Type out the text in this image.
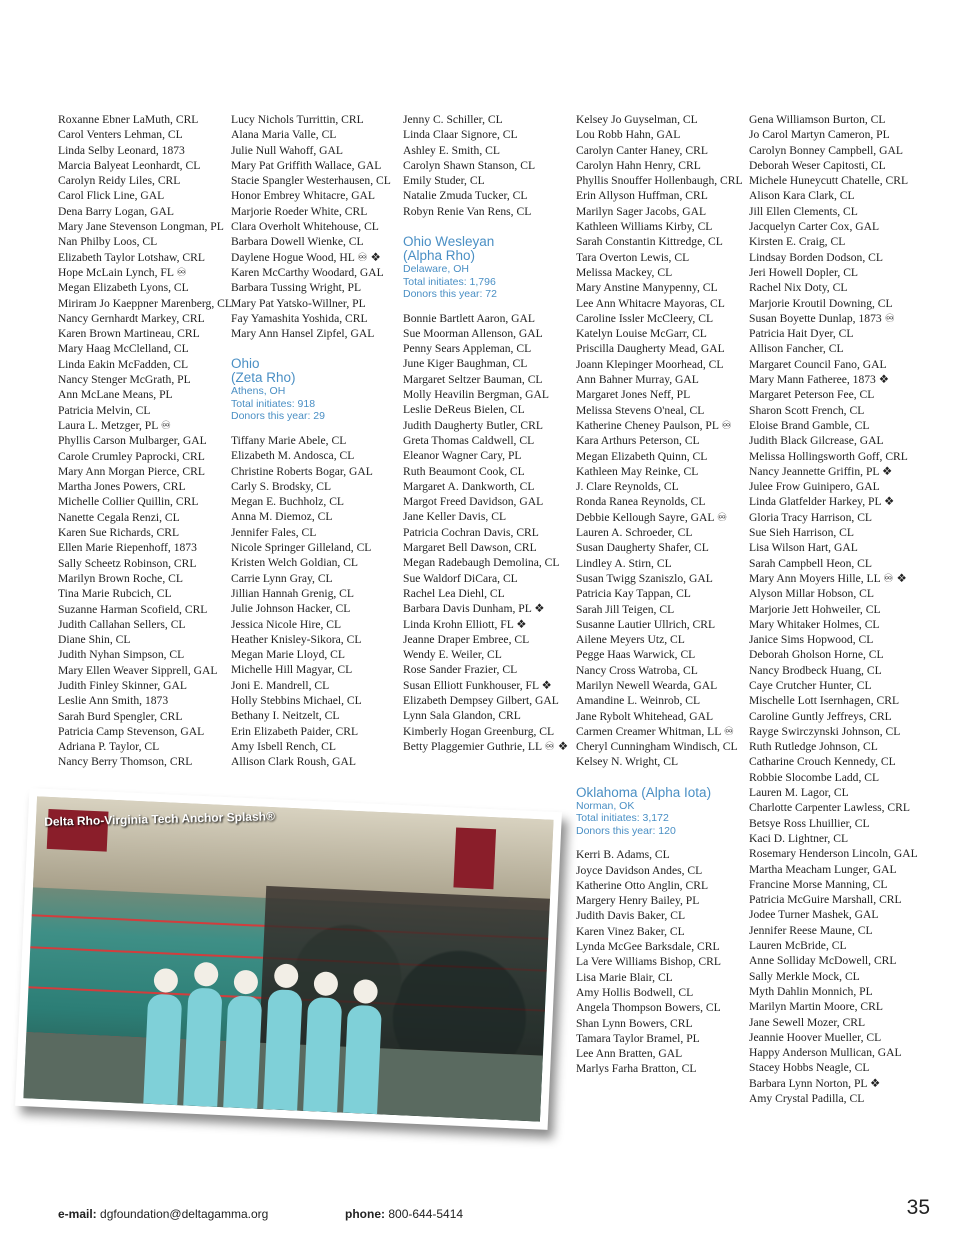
Roxanne Ebner LaMuth, CRL
Carol Venters Lehman, CL
Linda Selby Leonard, 1873
Marcia Balyeat Leonhardt, CL
Carolyn Reidy Liles, CRL
Carol Flick Line, GAL
Dena Barry Logan, GAL
Mary Jane Stevenson Longman, PL
Nan Philby Loos, CL
Elizabeth Taylor Lotshaw, CRL
Hope McLain Lynch, FL ♾
Megan Elizabeth Lyons, CL
Miriram Jo Kaeppner Marenberg, CL
Nancy Gernhardt Markey, CRL
Karen Brown Martineau, CRL
Mary Haag McClelland, CL
Linda Eakin McFadden, CL
Nancy Stenger McGrath, PL
Ann McLane Means, PL
Patricia Melvin, CL
Laura L. Metzger, PL ♾
Phyllis Carson Mulbarger, GAL
Carole Crumley Paprocki, CRL
Mary Ann Morgan Pierce, CRL
Martha Jones Powers, CRL
Michelle Collier Quillin, CRL
Nanette Cegala Renzi, CL
Karen Sue Richards, CRL
Ellen Marie Riepenhoff, 1873
Sally Scheetz Robinson, CRL
Marilyn Brown Roche, CL
Tina Marie Rubcich, CL
Suzanne Harman Scofield, CRL
Judith Callahan Sellers, CL
Diane Shin, CL
Judith Nyhan Simpson, CL
Mary Ellen Weaver Sipprell, GAL
Judith Finley Skinner, GAL
Leslie Ann Smith, 1873
Sarah Burd Spengler, CRL
Patricia Camp Stevenson, GAL
Adriana P. Taylor, CL
Nancy Berry Thomson, CRL
Lucy Nichols Turrittin, CRL
Alana Maria Valle, CL
Julie Null Wahoff, GAL
Mary Pat Griffith Wallace, GAL
Stacie Spangler Westerhausen, CL
Honor Embrey Whitacre, GAL
Marjorie Roeder White, CRL
Clara Overholt Whitehouse, CL
Barbara Dowell Wienke, CL
Daylene Hogue Wood, HL ♾ ❖
Karen McCarthy Woodard, GAL
Barbara Tussing Wright, PL
Mary Pat Yatsko-Willner, PL
Fay Yamashita Yoshida, CRL
Mary Ann Hansel Zipfel, GAL
Ohio
(Zeta Rho)
Athens, OH
Total initiates: 918
Donors this year: 29
Tiffany Marie Abele, CL
Elizabeth M. Andosca, CL
Christine Roberts Bogar, GAL
Carly S. Brodsky, CL
Megan E. Buchholz, CL
Anna M. Diemoz, CL
Jennifer Fales, CL
Nicole Springer Gilleland, CL
Kristen Welch Goldian, CL
Carrie Lynn Gray, CL
Jillian Hannah Grenig, CL
Julie Johnson Hacker, CL
Jessica Nicole Hire, CL
Heather Knisley-Sikora, CL
Megan Marie Lloyd, CL
Michelle Hill Magyar, CL
Joni E. Mandrell, CL
Holly Stebbins Michael, CL
Bethany I. Neitzelt, CL
Erin Elizabeth Paider, CRL
Amy Isbell Rench, CL
Allison Clark Roush, GAL
Jenny C. Schiller, CL
Linda Claar Signore, CL
Ashley E. Smith, CL
Carolyn Shawn Stanson, CL
Emily Studer, CL
Natalie Zmuda Tucker, CL
Robyn Renie Van Rens, CL
Ohio Wesleyan
(Alpha Rho)
Delaware, OH
Total initiates: 1,796
Donors this year: 72
Bonnie Bartlett Aaron, GAL
Sue Moorman Allenson, GAL
Penny Sears Appleman, CL
June Kiger Baughman, CL
Margaret Seltzer Bauman, CL
Molly Heavilin Bergman, GAL
Leslie DeReus Bielen, CL
Judith Daugherty Butler, CRL
Greta Thomas Caldwell, CL
Eleanor Wagner Cary, PL
Ruth Beaumont Cook, CL
Margaret A. Dankworth, CL
Margot Freed Davidson, GAL
Jane Keller Davis, CL
Patricia Cochran Davis, CRL
Margaret Bell Dawson, CRL
Megan Radebaugh Demolina, CL
Sue Waldorf DiCara, CL
Rachel Lea Diehl, CL
Barbara Davis Dunham, PL ❖
Linda Krohn Elliott, FL ❖
Jeanne Draper Embree, CL
Wendy E. Weiler, CL
Rose Sander Frazier, CL
Susan Elliott Funkhouser, FL ❖
Elizabeth Dempsey Gilbert, GAL
Lynn Sala Glandon, CRL
Kimberly Hogan Greenburg, CL
Betty Plaggemier Guthrie, LL ♾ ❖
Kelsey Jo Guyselman, CL
Lou Robb Hahn, GAL
Carolyn Canter Haney, CRL
Carolyn Hahn Henry, CRL
Phyllis Snouffer Hollenbaugh, CRL
Erin Allyson Huffman, CRL
Marilyn Sager Jacobs, GAL
Kathleen Williams Kirby, CL
Sarah Constantin Kittredge, CL
Tara Overton Lewis, CL
Melissa Mackey, CL
Mary Anstine Manypenny, CL
Lee Ann Whitacre Mayoras, CL
Caroline Issler McCleery, CL
Katelyn Louise McGarr, CL
Priscilla Daugherty Mead, GAL
Joann Klepinger Moorhead, CL
Ann Bahner Murray, GAL
Margaret Jones Neff, PL
Melissa Stevens O'neal, CL
Katherine Cheney Paulson, PL ♾
Kara Arthurs Peterson, CL
Megan Elizabeth Quinn, CL
Kathleen May Reinke, CL
J. Clare Reynolds, CL
Ronda Ranea Reynolds, CL
Debbie Kellough Sayre, GAL ♾
Lauren A. Schroeder, CL
Susan Daugherty Shafer, CL
Lindley A. Stirn, CL
Susan Twigg Szaniszlo, GAL
Patricia Kay Tappan, CL
Sarah Jill Teigen, CL
Susanne Lautier Ullrich, CRL
Ailene Meyers Utz, CL
Pegge Haas Warwick, CL
Nancy Cross Watroba, CL
Marilyn Newell Wearda, GAL
Amandine L. Weinrob, CL
Jane Rybolt Whitehead, GAL
Carmen Creamer Whitman, LL ♾
Cheryl Cunningham Windisch, CL
Kelsey N. Wright, CL
Oklahoma (Alpha Iota)
Norman, OK
Total initiates: 3,172
Donors this year: 120
Kerri B. Adams, CL
Joyce Davidson Andes, CL
Katherine Otto Anglin, CRL
Margery Henry Bailey, PL
Judith Davis Baker, CL
Karen Vinez Baker, CL
Lynda McGee Barksdale, CRL
La Vere Williams Bishop, CRL
Lisa Marie Blair, CL
Amy Hollis Bodwell, CL
Angela Thompson Bowers, CL
Shan Lynn Bowers, CRL
Tamara Taylor Bramel, PL
Lee Ann Bratten, GAL
Marlys Farha Bratton, CL
Gena Williamson Burton, CL
Jo Carol Martyn Cameron, PL
Carolyn Bonney Campbell, GAL
Deborah Weser Capitosti, CL
Michele Huneycutt Chatelle, CRL
Alison Kara Clark, CL
Jill Ellen Clements, CL
Jacquelyn Carter Cox, GAL
Kirsten E. Craig, CL
Lindsay Borden Dodson, CL
Jeri Howell Dopler, CL
Rachel Nix Doty, CL
Marjorie Kroutil Downing, CL
Susan Boyette Dunlap, 1873 ♾
Patricia Hait Dyer, CL
Allison Fancher, CL
Margaret Council Fano, GAL
Mary Mann Fatheree, 1873 ❖
Margaret Peterson Fee, CL
Sharon Scott French, CL
Eloise Brand Gamble, CL
Judith Black Gilcrease, GAL
Melissa Hollingsworth Goff, CRL
Nancy Jeannette Griffin, PL ❖
Julee Frow Guinipero, GAL
Linda Glatfelder Harkey, PL ❖
Gloria Tracy Harrison, CL
Sue Sieh Harrison, CL
Lisa Wilson Hart, GAL
Sarah Campbell Heon, CL
Mary Ann Moyers Hille, LL ♾ ❖
Alyson Millar Hobson, CL
Marjorie Jett Hohweiler, CL
Mary Whitaker Holmes, CL
Janice Sims Hopwood, CL
Deborah Gholson Horne, CL
Nancy Brodbeck Huang, CL
Caye Crutcher Hunter, CL
Mischelle Lott Isernhagen, CRL
Caroline Guntly Jeffreys, CRL
Rayge Swirczynski Johnson, CL
Ruth Rutledge Johnson, CL
Catharine Crouch Kennedy, CL
Robbie Slocombe Ladd, CL
Lauren M. Lagor, CL
Charlotte Carpenter Lawless, CRL
Betsye Ross Lhuillier, CL
Kaci D. Lightner, CL
Rosemary Henderson Lincoln, GAL
Martha Meacham Lunger, GAL
Francine Morse Manning, CL
Patricia McGuire Marshall, CRL
Jodee Turner Mashek, GAL
Jennifer Reese Maune, CL
Lauren McBride, CL
Anne Solliday McDowell, CRL
Sally Merkle Mock, CL
Myth Dahlin Monnich, PL
Marilyn Martin Moore, CRL
Jane Sewell Mozer, CRL
Jeannie Hoover Mueller, CL
Happy Anderson Mullican, GAL
Stacey Hobbs Neagle, CL
Barbara Lynn Norton, PL ❖
Amy Crystal Padilla, CL
Delta Rho-Virginia Tech Anchor Splash®
e-mail: dgfoundation@deltagamma.org	phone: 800-644-5414	35
